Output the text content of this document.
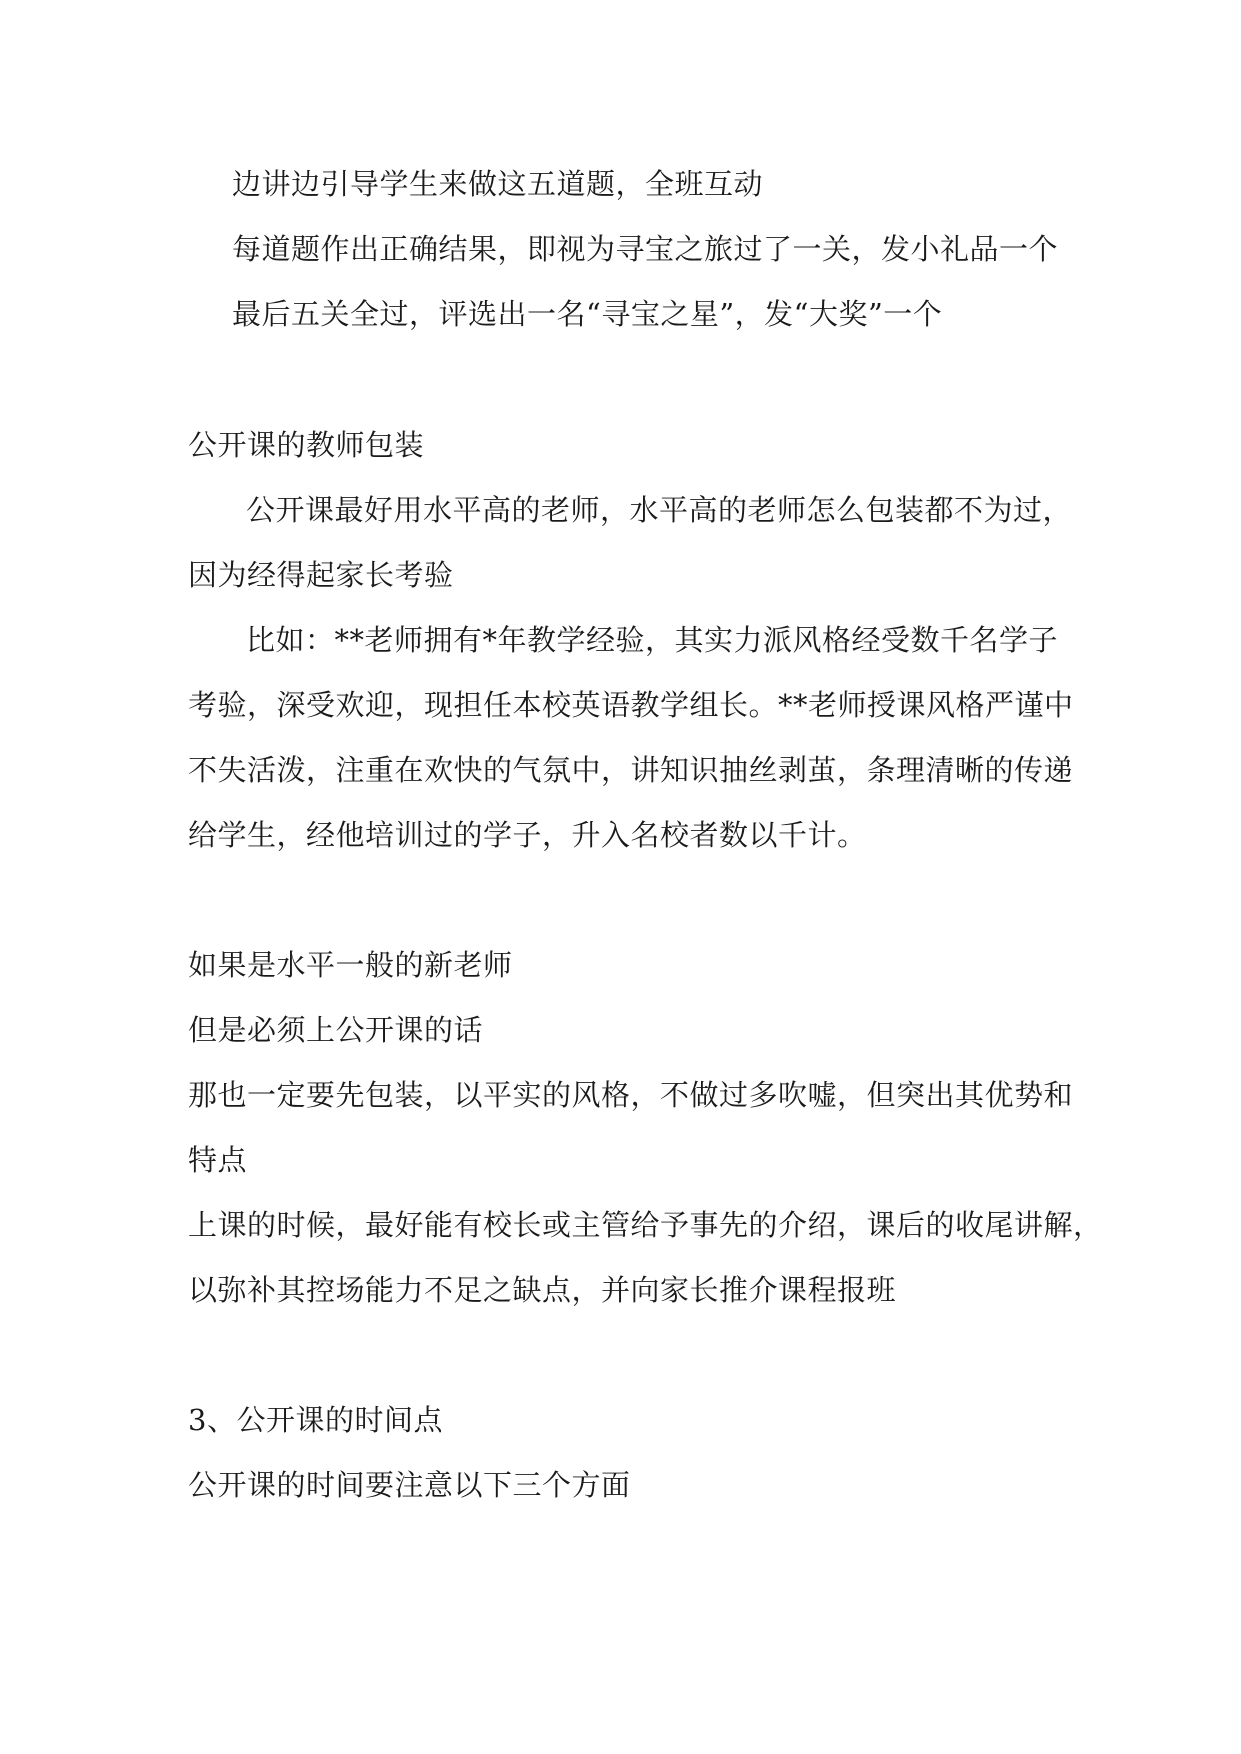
边讲边引导学生来做这五道题，全班互动

每道题作出正确结果，即视为寻宝之旅过了一关，发小礼品一个

最后五关全过，评选出一名“寻宝之星”，发“大奖”一个

公开课的教师包装

公开课最好用水平高的老师，水平高的老师怎么包装都不为过，

因为经得起家长考验

比如：**老师拥有*年教学经验，其实力派风格经受数千名学子

考验，深受欢迎，现担任本校英语教学组长。**老师授课风格严谨中

不失活泼，注重在欢快的气氛中，讲知识抽丝剥茧，条理清晰的传递

给学生，经他培训过的学子，升入名校者数以千计。

如果是水平一般的新老师

但是必须上公开课的话

那也一定要先包装，以平实的风格，不做过多吹嘘，但突出其优势和

特点

上课的时候，最好能有校长或主管给予事先的介绍，课后的收尾讲解，

以弥补其控场能力不足之缺点，并向家长推介课程报班

3、公开课的时间点

公开课的时间要注意以下三个方面
